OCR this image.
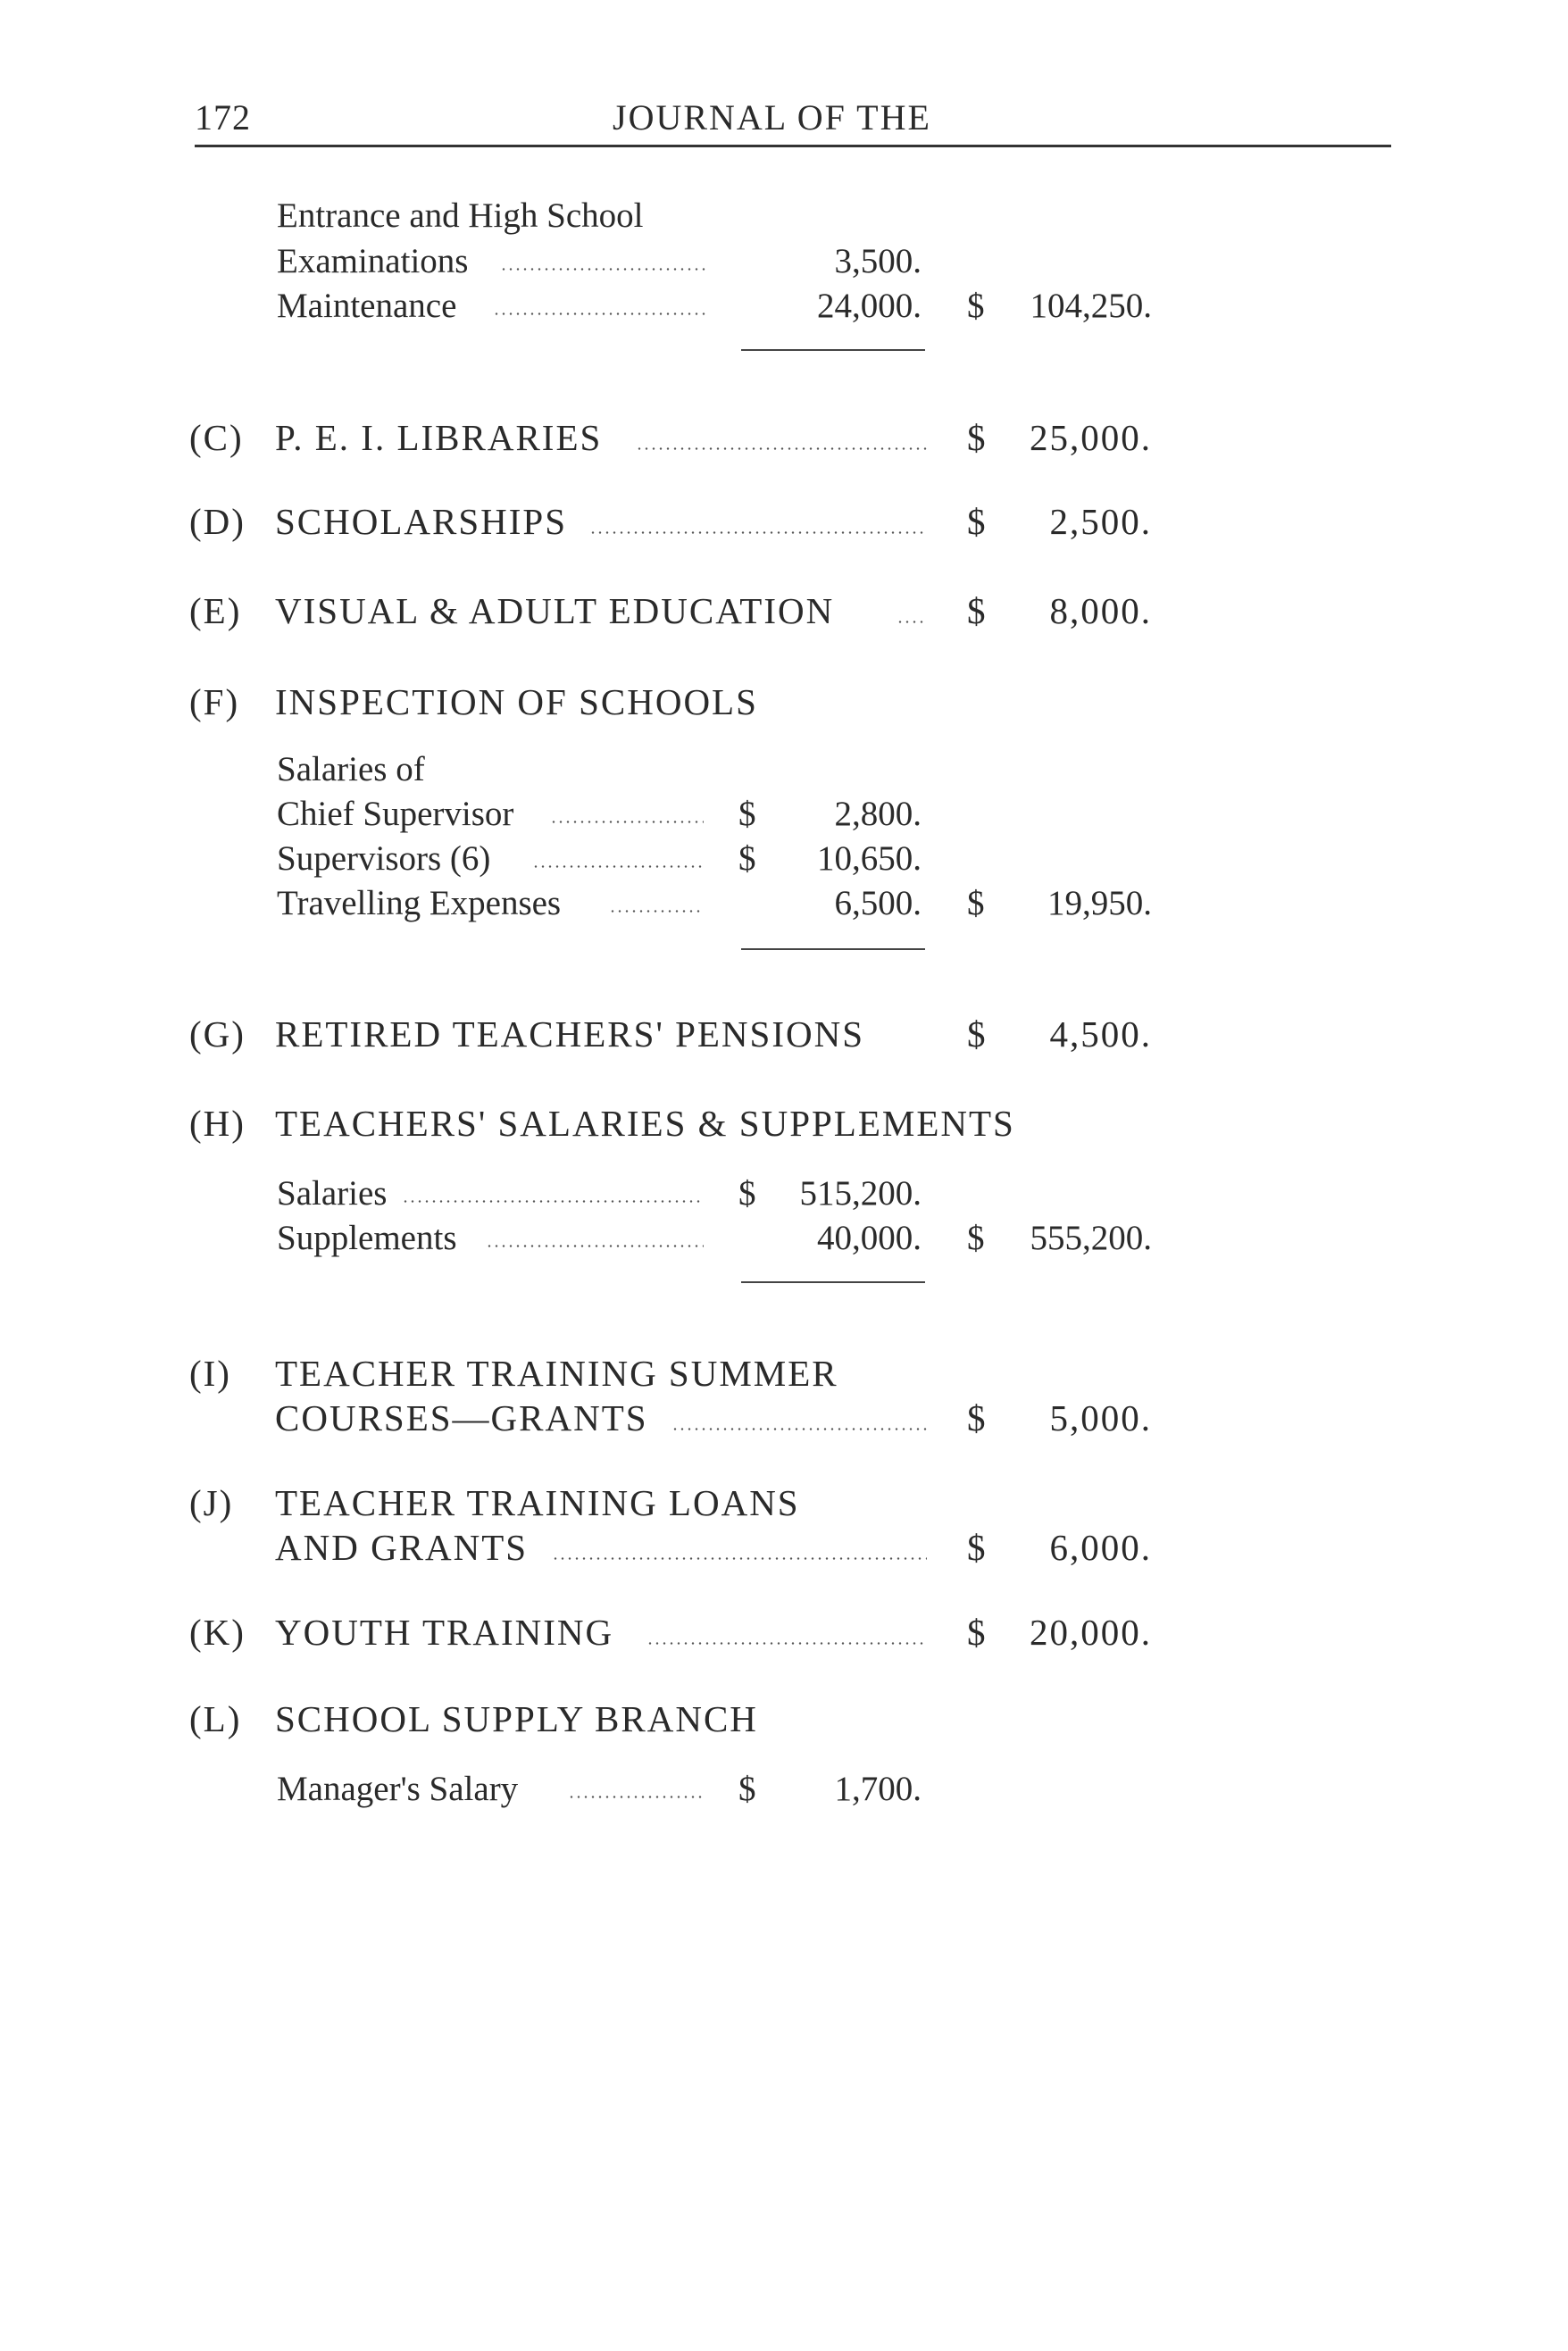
172	JOURNAL OF THE
Entrance and High School
Examinations	3,500.
Maintenance	24,000. $	104,250.
(C) P. E. I. LIBRARIES	$	25,000.
(D) SCHOLARSHIPS	$	2,500.
(E) VISUAL & ADULT EDUCATION	$	8,000.
(F) INSPECTION OF SCHOOLS
Salaries of
Chief Supervisor	$	2,800.
Supervisors (6)	$	10,650.
Travelling Expenses	6,500. $	19,950.
(G) RETIRED TEACHERS' PENSIONS	$	4,500.
(H) TEACHERS' SALARIES & SUPPLEMENTS
Salaries	$	515,200.
Supplements	40,000. $	555,200.
(I) TEACHER TRAINING SUMMER
COURSES—GRANTS	$	5,000.
(J) TEACHER TRAINING LOANS
AND GRANTS	$	6,000.
(K) YOUTH TRAINING	$	20,000.
(L) SCHOOL SUPPLY BRANCH
Manager's Salary	$	1,700.
